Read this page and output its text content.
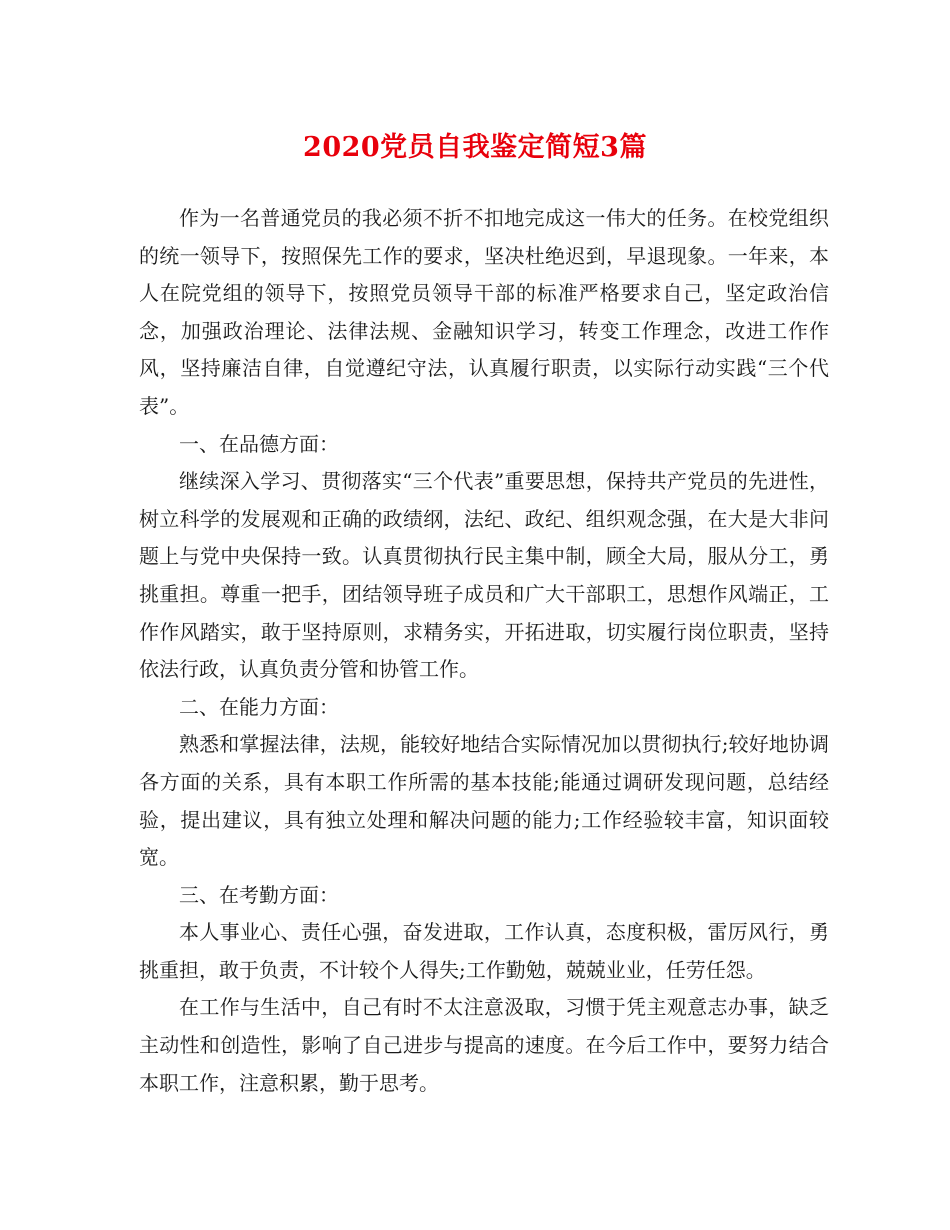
2020党员自我鉴定简短3篇

作为一名普通党员的我必须不折不扣地完成这一伟大的任务。在校党组织的统一领导下，按照保先工作的要求，坚决杜绝迟到，早退现象。一年来，本人在院党组的领导下，按照党员领导干部的标准严格要求自己，坚定政治信念，加强政治理论、法律法规、金融知识学习，转变工作理念，改进工作作风，坚持廉洁自律，自觉遵纪守法，认真履行职责，以实际行动实践“三个代表”。

一、在品德方面：

继续深入学习、贯彻落实“三个代表”重要思想，保持共产党员的先进性，树立科学的发展观和正确的政绩纲，法纪、政纪、组织观念强，在大是大非问题上与党中央保持一致。认真贯彻执行民主集中制，顾全大局，服从分工，勇挑重担。尊重一把手，团结领导班子成员和广大干部职工，思想作风端正，工作作风踏实，敢于坚持原则，求精务实，开拓进取，切实履行岗位职责，坚持依法行政，认真负责分管和协管工作。

二、在能力方面：

熟悉和掌握法律，法规，能较好地结合实际情况加以贯彻执行;较好地协调各方面的关系，具有本职工作所需的基本技能;能通过调研发现问题，总结经验，提出建议，具有独立处理和解决问题的能力;工作经验较丰富，知识面较宽。

三、在考勤方面：

本人事业心、责任心强，奋发进取，工作认真，态度积极，雷厉风行，勇挑重担，敢于负责，不计较个人得失;工作勤勉，兢兢业业，任劳任怨。

在工作与生活中，自己有时不太注意汲取，习惯于凭主观意志办事，缺乏主动性和创造性，影响了自己进步与提高的速度。在今后工作中，要努力结合本职工作，注意积累，勤于思考。
